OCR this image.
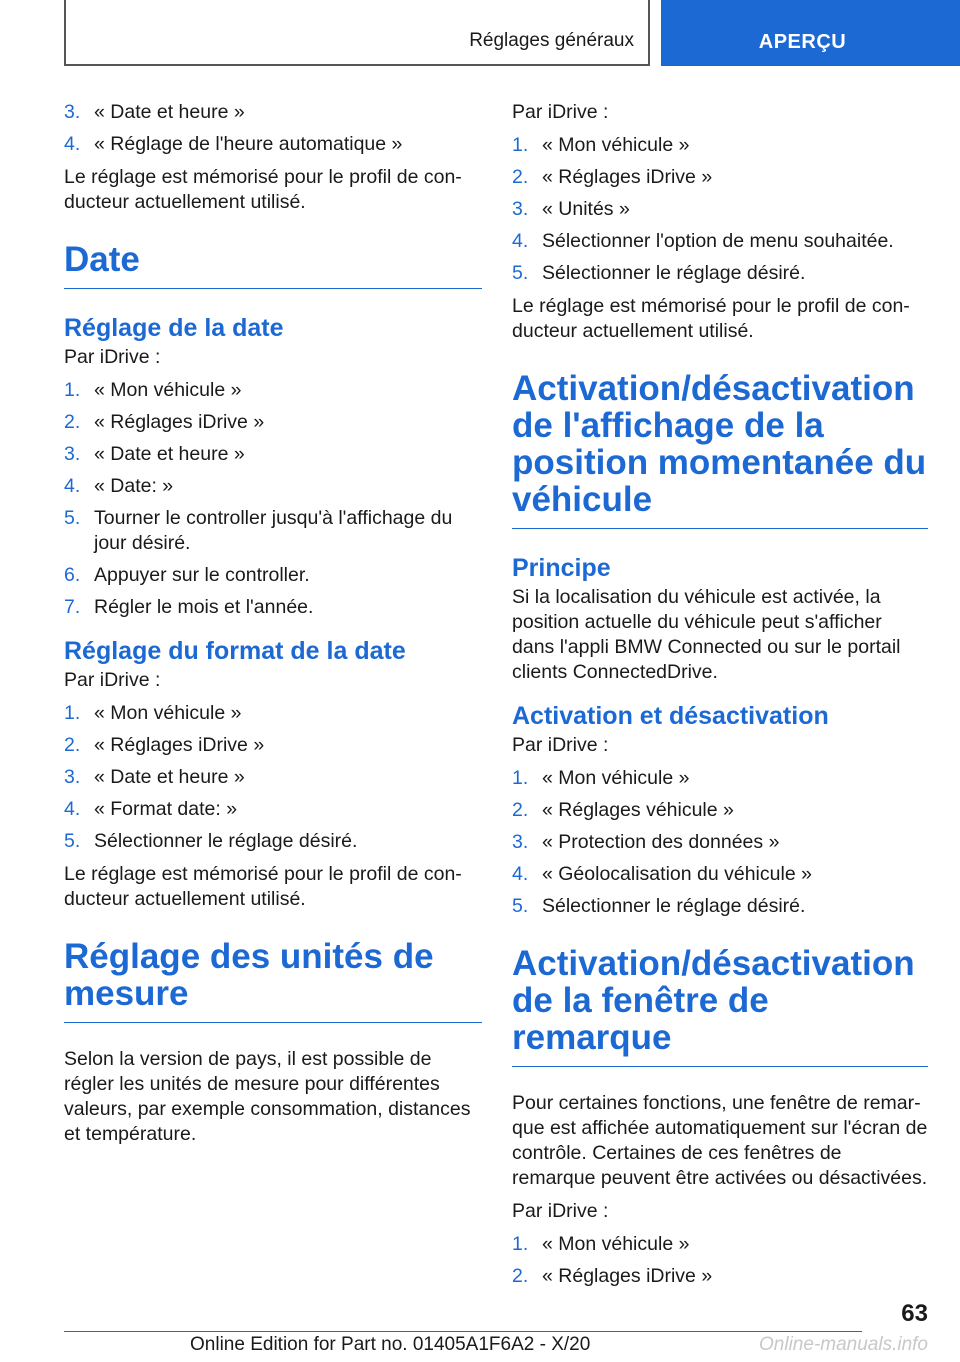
Réglages généraux	APERÇU
3. « Date et heure »
4. « Réglage de l'heure automatique »

Le réglage est mémorisé pour le profil de conducteur actuellement utilisé.

Date
Réglage de la date

Par iDrive :

1. « Mon véhicule »
2. « Réglages iDrive »
3. « Date et heure »
4. « Date: »
5. Tourner le controller jusqu'à l'affichage du jour désiré.
6. Appuyer sur le controller.
7. Régler le mois et l'année.
Réglage du format de la date

Par iDrive :

1. « Mon véhicule »
2. « Réglages iDrive »
3. « Date et heure »
4. « Format date: »
5. Sélectionner le réglage désiré.

Le réglage est mémorisé pour le profil de conducteur actuellement utilisé.

Réglage des unités de mesure

Selon la version de pays, il est possible de régler les unités de mesure pour différentes valeurs, par exemple consommation, distances et température.

Par iDrive :

1. « Mon véhicule »
2. « Réglages iDrive »
3. « Unités »
4. Sélectionner l'option de menu souhaitée.
5. Sélectionner le réglage désiré.

Le réglage est mémorisé pour le profil de conducteur actuellement utilisé.

Activation/désactivation de l'affichage de la position momentanée du véhicule
Principe

Si la localisation du véhicule est activée, la position actuelle du véhicule peut s'afficher dans l'appli BMW Connected ou sur le portail clients ConnectedDrive.

Activation et désactivation

Par iDrive :

1. « Mon véhicule »
2. « Réglages véhicule »
3. « Protection des données »
4. « Géolocalisation du véhicule »
5. Sélectionner le réglage désiré.
Activation/désactivation de la fenêtre de remarque

Pour certaines fonctions, une fenêtre de remarque est affichée automatiquement sur l'écran de contrôle. Certaines de ces fenêtres de remarque peuvent être activées ou désactivées.

Par iDrive :

1. « Mon véhicule »
2. « Réglages iDrive »
63
Online Edition for Part no. 01405A1F6A2 - X/20	Online-manuals.info
